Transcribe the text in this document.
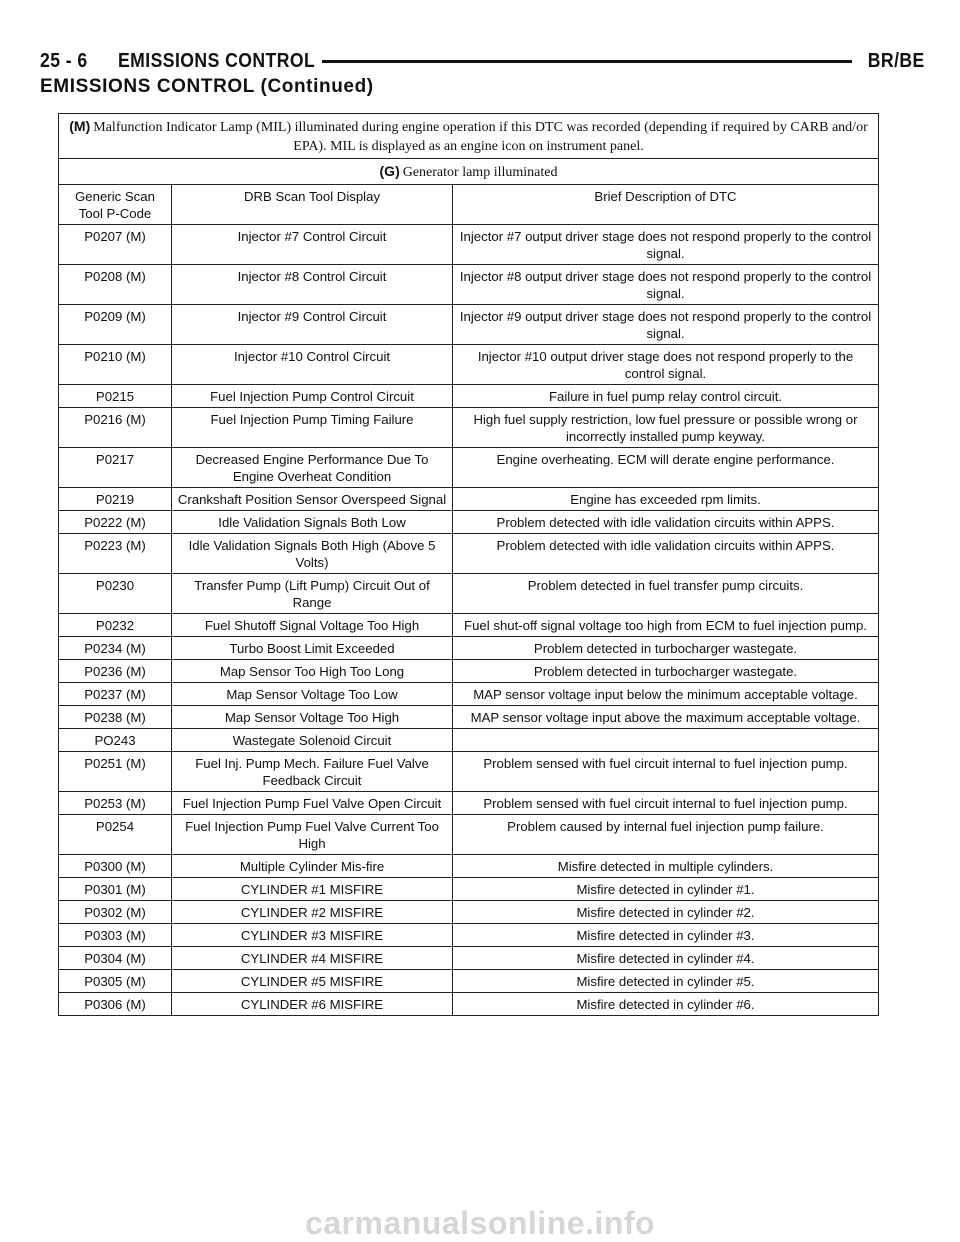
25 - 6 EMISSIONS CONTROL	BR/BE
EMISSIONS CONTROL (Continued)
(M) Malfunction Indicator Lamp (MIL) illuminated during engine operation if this DTC was recorded (depending if required by CARB and/or EPA). MIL is displayed as an engine icon on instrument panel.		
(G) Generator lamp illuminated		
Generic Scan Tool P-Code	DRB Scan Tool Display	Brief Description of DTC
P0207 (M)	Injector #7 Control Circuit	Injector #7 output driver stage does not respond properly to the control signal.
P0208 (M)	Injector #8 Control Circuit	Injector #8 output driver stage does not respond properly to the control signal.
P0209 (M)	Injector #9 Control Circuit	Injector #9 output driver stage does not respond properly to the control signal.
P0210 (M)	Injector #10 Control Circuit	Injector #10 output driver stage does not respond properly to the control signal.
P0215	Fuel Injection Pump Control Circuit	Failure in fuel pump relay control circuit.
P0216 (M)	Fuel Injection Pump Timing Failure	High fuel supply restriction, low fuel pressure or possible wrong or incorrectly installed pump keyway.
P0217	Decreased Engine Performance Due To Engine Overheat Condition	Engine overheating. ECM will derate engine performance.
P0219	Crankshaft Position Sensor Overspeed Signal	Engine has exceeded rpm limits.
P0222 (M)	Idle Validation Signals Both Low	Problem detected with idle validation circuits within APPS.
P0223 (M)	Idle Validation Signals Both High (Above 5 Volts)	Problem detected with idle validation circuits within APPS.
P0230	Transfer Pump (Lift Pump) Circuit Out of Range	Problem detected in fuel transfer pump circuits.
P0232	Fuel Shutoff Signal Voltage Too High	Fuel shut-off signal voltage too high from ECM to fuel injection pump.
P0234 (M)	Turbo Boost Limit Exceeded	Problem detected in turbocharger wastegate.
P0236 (M)	Map Sensor Too High Too Long	Problem detected in turbocharger wastegate.
P0237 (M)	Map Sensor Voltage Too Low	MAP sensor voltage input below the minimum acceptable voltage.
P0238 (M)	Map Sensor Voltage Too High	MAP sensor voltage input above the maximum acceptable voltage.
PO243	Wastegate Solenoid Circuit	
P0251 (M)	Fuel Inj. Pump Mech. Failure Fuel Valve Feedback Circuit	Problem sensed with fuel circuit internal to fuel injection pump.
P0253 (M)	Fuel Injection Pump Fuel Valve Open Circuit	Problem sensed with fuel circuit internal to fuel injection pump.
P0254	Fuel Injection Pump Fuel Valve Current Too High	Problem caused by internal fuel injection pump failure.
P0300 (M)	Multiple Cylinder Mis-fire	Misfire detected in multiple cylinders.
P0301 (M)	CYLINDER #1 MISFIRE	Misfire detected in cylinder #1.
P0302 (M)	CYLINDER #2 MISFIRE	Misfire detected in cylinder #2.
P0303 (M)	CYLINDER #3 MISFIRE	Misfire detected in cylinder #3.
P0304 (M)	CYLINDER #4 MISFIRE	Misfire detected in cylinder #4.
P0305 (M)	CYLINDER #5 MISFIRE	Misfire detected in cylinder #5.
P0306 (M)	CYLINDER #6 MISFIRE	Misfire detected in cylinder #6.
carmanualsonline.info
